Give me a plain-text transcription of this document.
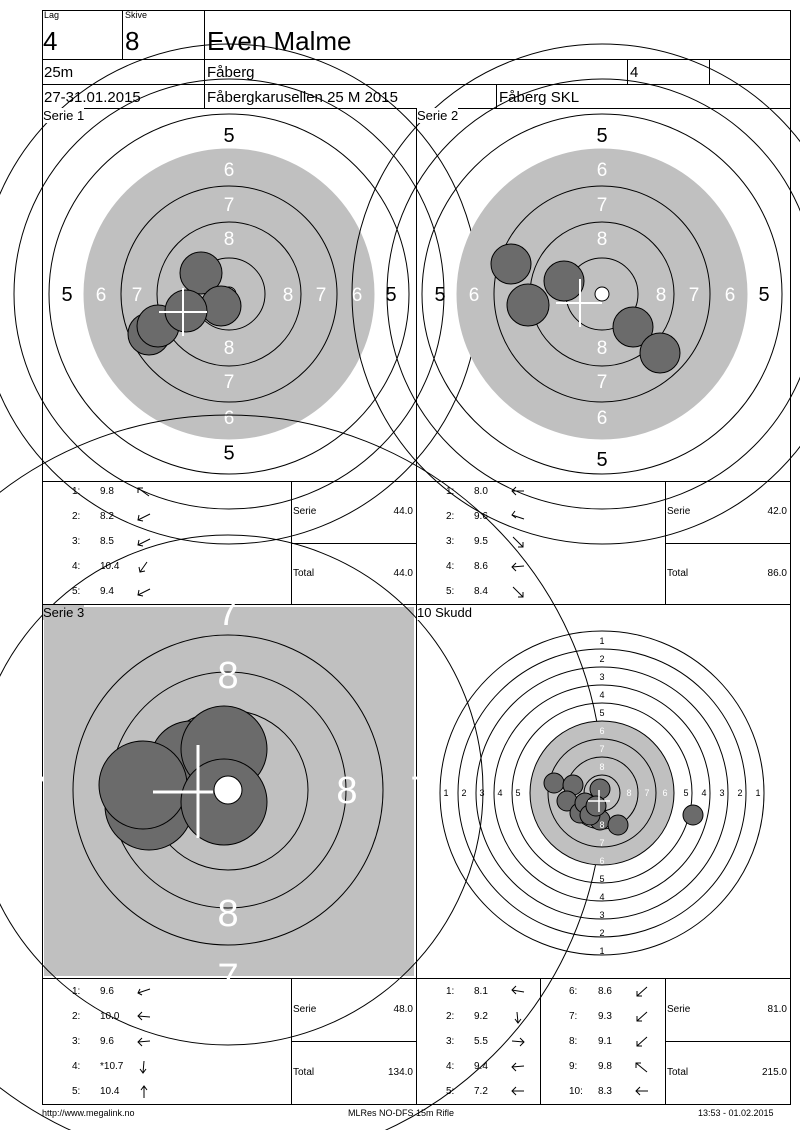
Lag
4
Skive
8	Even Malme
25m	Fåberg	4
27-31.01.2015	Fåbergkarusellen 25 M 2015	Fåberg SKL
5
5
5	5
6
6
6	6
7
7
7	7
8
8
8
Serie 1
5
5
5	5
6
6
6	6
7
7
7
8
8
8
Serie 2
1: 9.8
2: 8.2
3: 8.5
4: 10.4
5: 9.4
Serie	44.0
Total	44.0
1: 8.0
2: 9.6
3: 9.5
4: 8.6
5: 8.4
Serie	42.0
Total	86.0
8
8
8
7
7
7	7
Serie 3
1
2
3
4
5
6
7
8
1
2
3
4
5
6
7
8
1 2 3 4 5	1
2
3
4
5
6
7
8
10 Skudd
1: 9.6
2: 10.0
3: 9.6
4: *10.7
5: 10.4
Serie	48.0
Total	134.0
1: 8.1
2: 9.2
3: 5.5
4: 9.4
5: 7.2
6: 8.6
7: 9.3
8: 9.1
9: 9.8
10: 8.3
Serie	81.0
Total	215.0
http://www.megalink.no	MLRes NO-DFS 15m Rifle	13:53 - 01.02.2015
